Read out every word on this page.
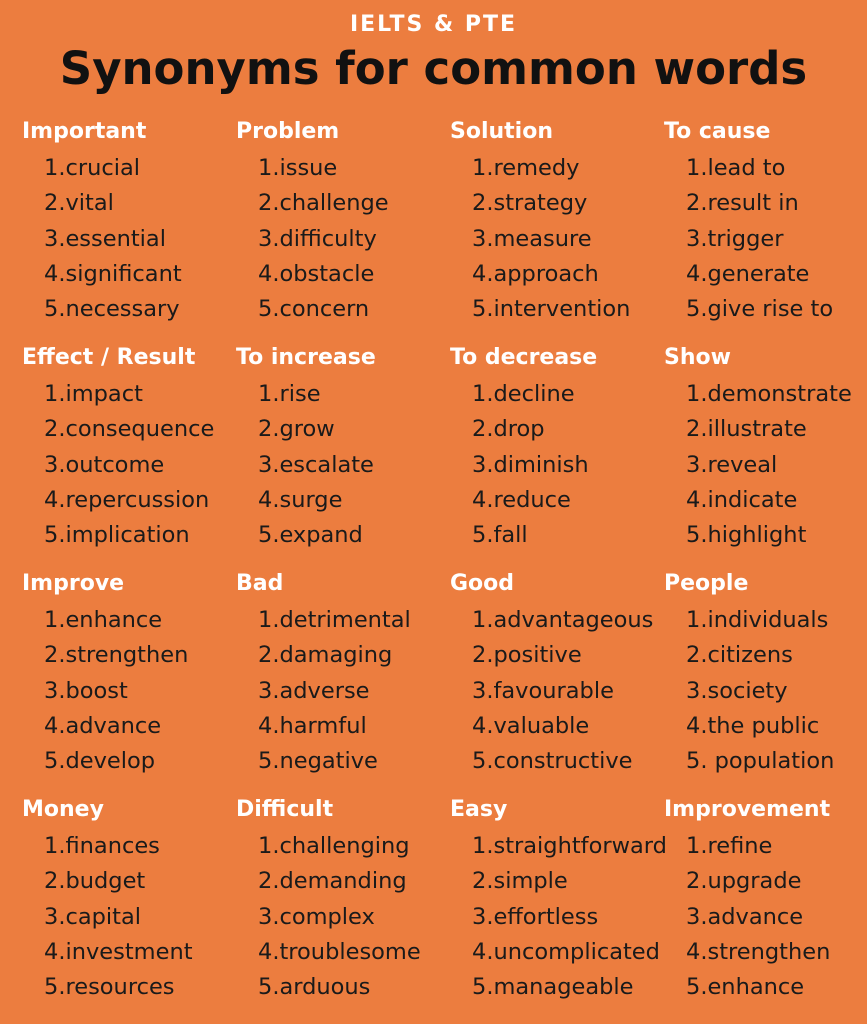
IELTS & PTE
Synonyms for common words
Important
1.crucial
2.vital
3.essential
4.significant
5.necessary
Problem
1.issue
2.challenge
3.difficulty
4.obstacle
5.concern
Solution
1.remedy
2.strategy
3.measure
4.approach
5.intervention
To cause
1.lead to
2.result in
3.trigger
4.generate
5.give rise to
Effect / Result
1.impact
2.consequence
3.outcome
4.repercussion
5.implication
To increase
1.rise
2.grow
3.escalate
4.surge
5.expand
To decrease
1.decline
2.drop
3.diminish
4.reduce
5.fall
Show
1.demonstrate
2.illustrate
3.reveal
4.indicate
5.highlight
Improve
1.enhance
2.strengthen
3.boost
4.advance
5.develop
Bad
1.detrimental
2.damaging
3.adverse
4.harmful
5.negative
Good
1.advantageous
2.positive
3.favourable
4.valuable
5.constructive
People
1.individuals
2.citizens
3.society
4.the public
5. population
Money
1.finances
2.budget
3.capital
4.investment
5.resources
Difficult
1.challenging
2.demanding
3.complex
4.troublesome
5.arduous
Easy
1.straightforward
2.simple
3.effortless
4.uncomplicated
5.manageable
Improvement
1.refine
2.upgrade
3.advance
4.strengthen
5.enhance
